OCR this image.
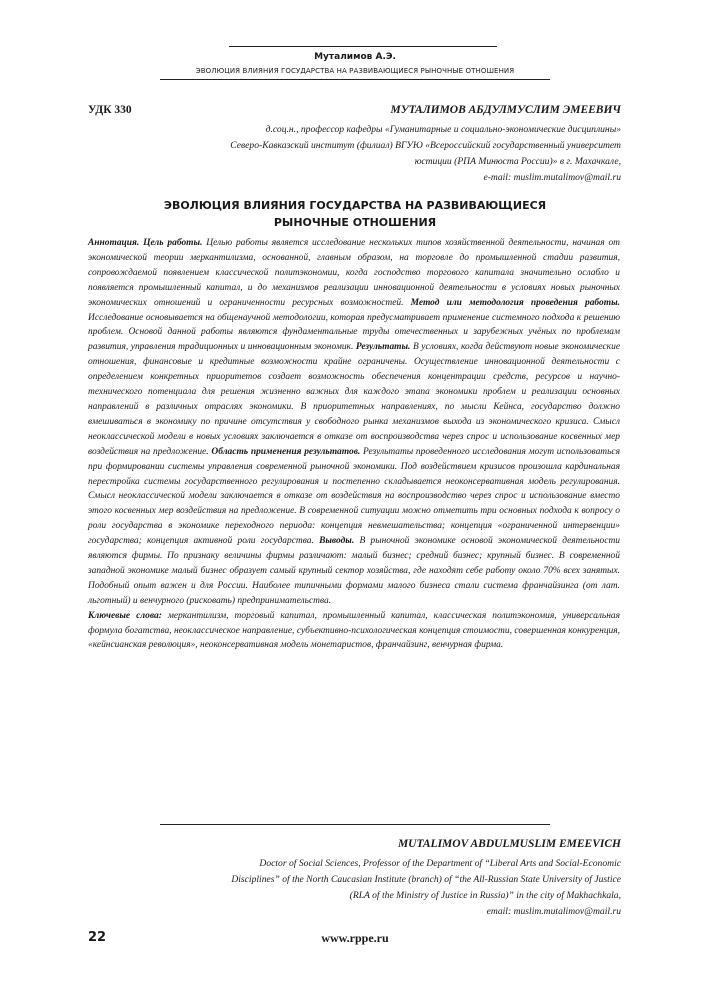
Муталимов А.Э.
ЭВОЛЮЦИЯ ВЛИЯНИЯ ГОСУДАРСТВА НА РАЗВИВАЮЩИЕСЯ РЫНОЧНЫЕ ОТНОШЕНИЯ
УДК 330	МУТАЛИМОВ АБДУЛМУСЛИМ ЭМЕЕВИЧ
д.соц.н., профессор кафедры «Гуманитарные и социально-экономические дисциплины»
Северо-Кавказский институт (филиал) ВГУЮ «Всероссийский государственный университет
юстиции (РПА Минюста России)» в г. Махачкале,
e-mail: muslim.mutalimov@mail.ru
ЭВОЛЮЦИЯ ВЛИЯНИЯ ГОСУДАРСТВА НА РАЗВИВАЮЩИЕСЯ
РЫНОЧНЫЕ ОТНОШЕНИЯ
Аннотация. Цель работы. Целью работы является исследование нескольких типов хозяйственной деятельности, начиная от экономической теории меркантилизма, основанной, главным образом, на торговле до промышленной стадии развития, сопровождаемой появлением классической политэкономии, когда господство торгового капитала значительно ослабло и появляется промышленный капитал, и до механизмов реализации инновационной деятельности в условиях новых рыночных экономических отношений и ограниченности ресурсных возможностей. Метод или методология проведения работы. Исследование основывается на общенаучной методологии, которая предусматривает применение системного подхода к решению проблем. Основой данной работы являются фундаментальные труды отечественных и зарубежных учёных по проблемам развития, управления традиционных и инновационным экономик. Результаты. В условиях, когда действуют новые экономические отношения, финансовые и кредитные возможности крайне ограничены. Осуществление инновационной деятельности с определением конкретных приоритетов создает возможность обеспечения концентрации средств, ресурсов и научно-технического потенциала для решения жизненно важных для каждого этапа экономики проблем и реализации основных направлений в различных отраслях экономики. В приоритетных направлениях, по мысли Кейнса, государство должно вмешиваться в экономику по причине отсутствия у свободного рынка механизмов выхода из экономического кризиса. Смысл неоклассической модели в новых условиях заключается в отказе от воспроизводства через спрос и использование косвенных мер воздействия на предложение. Область применения результатов. Результаты проведенного исследования могут использоваться при формировании системы управления современной рыночной экономики. Под воздействием кризисов произошла кардинальная перестройка системы государственного регулирования и постепенно складывается неоконсервативная модель регулирования. Смысл неоклассической модели заключается в отказе от воздействия на воспроизводство через спрос и использование вместо этого косвенных мер воздействия на предложение. В современной ситуации можно отметить три основных подхода к вопросу о роли государства в экономике переходного периода: концепция невмешательства; концепция «ограниченной интервенции» государства; концепция активной роли государства. Выводы. В рыночной экономике основой экономической деятельности являются фирмы. По признаку величины фирмы различают: малый бизнес; средний бизнес; крупный бизнес. В современной западной экономике малый бизнес образует самый крупный сектор хозяйства, где находят себе работу около 70% всех занятых. Подобный опыт важен и для России. Наиболее типичными формами малого бизнеса стали система франчайзинга (от лат. льготный) и венчурного (рисковать) предпринимательства.
Ключевые слова: меркантилизм, торговый капитал, промышленный капитал, классическая политэкономия, универсальная формула богатства, неоклассическое направление, субъективно-психологическая концепция стоимости, совершенная конкуренция, «кейнсианская революция», неоконсервативная модель монетаристов, франчайзинг, венчурная фирма.
MUTALIMOV ABDULMUSLIM EMEEVICH
Doctor of Social Sciences, Professor of the Department of “Liberal Arts and Social-Economic
Disciplines” of the North Caucasian Institute (branch) of “the All-Russian State University of Justice
(RLA of the Ministry of Justice in Russia)” in the city of Makhachkala,
email: muslim.mutalimov@mail.ru
22	www.rppe.ru
